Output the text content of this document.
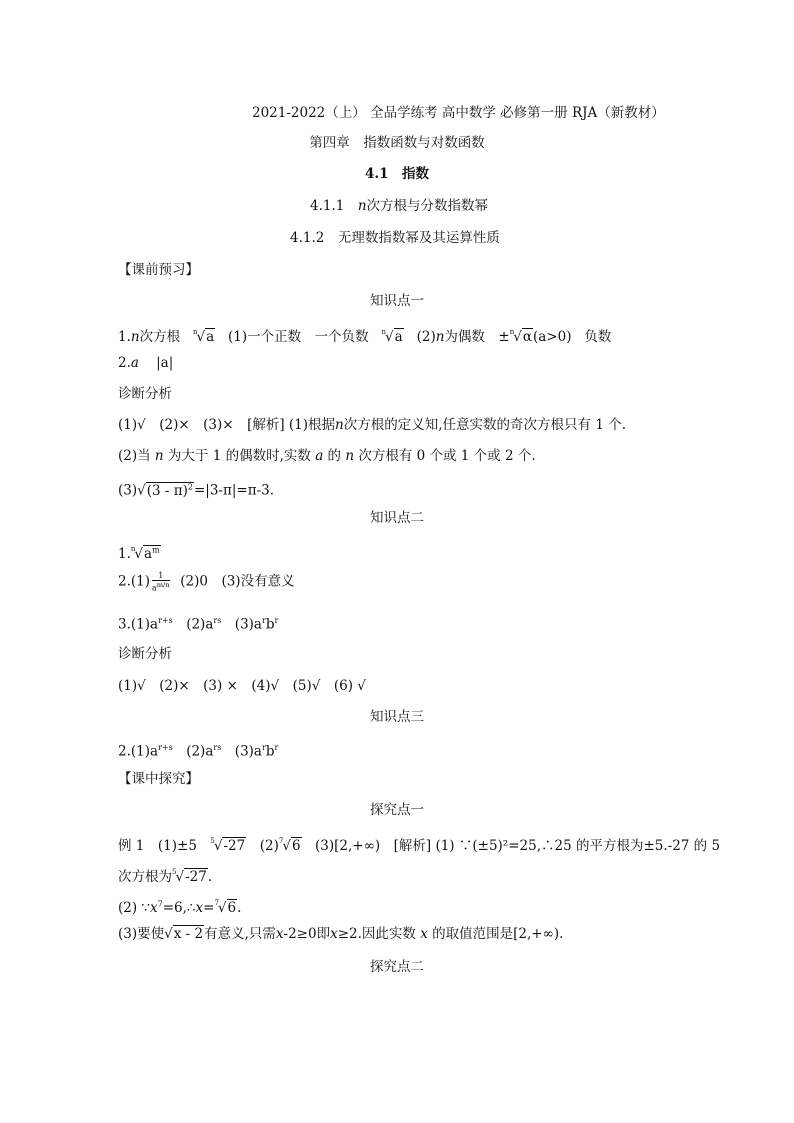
2021-2022（上） 全品学练考 高中数学 必修第一册 RJA（新教材）
第四章　指数函数与对数函数
4.1　指数
4.1.1　n次方根与分数指数幂
4.1.2　无理数指数幂及其运算性质
【课前预习】
知识点一
1.n次方根 $^n$√a (1)一个正数　一个负数 $^n$√a (2)n为偶数　±$^n$√α(a>0) 负数
2.a |a|
诊断分析
(1)√　(2)×　(3)×　[解析] (1)根据n次方根的定义知,任意实数的奇次方根只有 1 个.
(2)当 n 为大于 1 的偶数时,实数 a 的 n 次方根有 0 个或 1 个或 2 个.
(3)√(3 - π)$^2$=|3-π|=π-3.
知识点二
$1.^n√a^m$
$2.(1) \frac{1}{a^{m/n}} (2)0$　(3)没有意义
$3.(1)a^{r+s}$　$(2)a^{rs}$　$(3)a^rb^r$
诊断分析
(1)√　(2)×　(3) ×　(4)√　(5)√　(6) √
知识点三
$2.(1)a^{r+s}$　$(2)a^{rs}$　$(3)a^rb^r$
【课中探究】
探究点一
例 1　(1)±5　$^5$√-27　$(2)^7√6$　(3)[2,+∞)　[解析] (1) ∵(±5)²=25,∴25 的平方根为±5.-27 的 5
次方根为$^5$√-27.
(2) $\because x^7=6,\therefore x=^7√6$.
(3)要使√x - 2有意义,只需x-2≥0即x≥2.因此实数 x 的取值范围是[2,+∞).
探究点二
